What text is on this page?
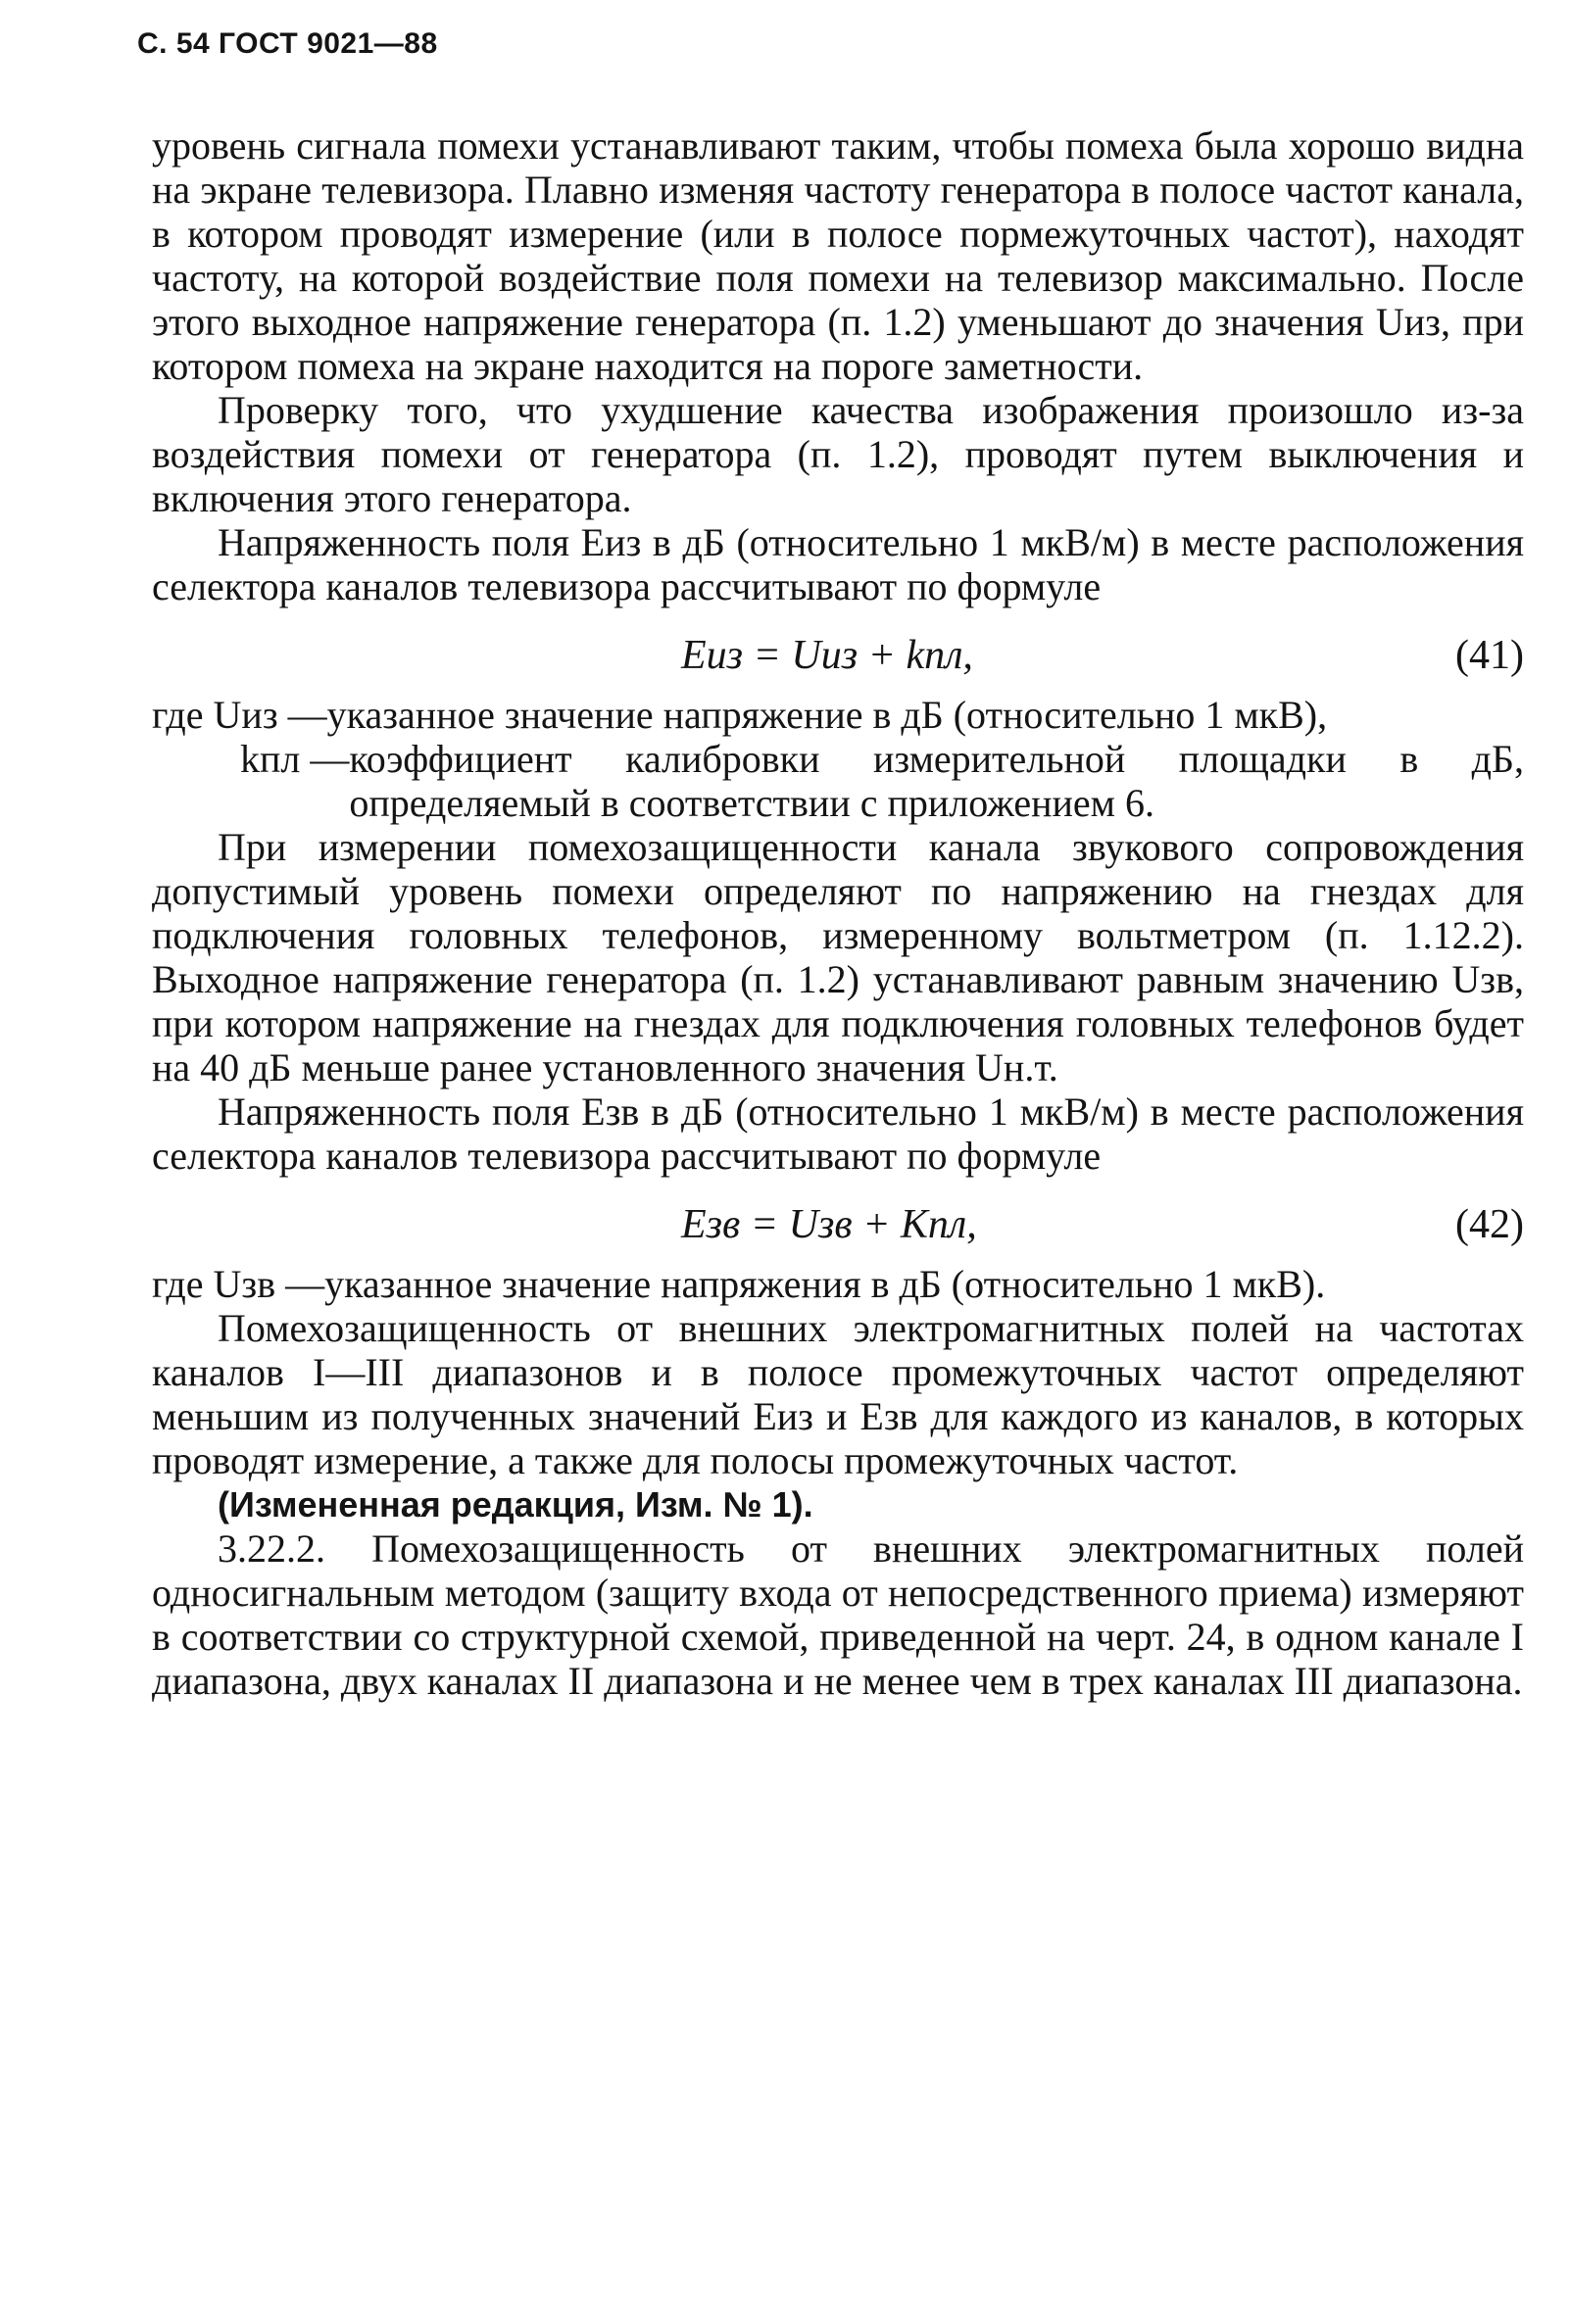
С. 54 ГОСТ 9021—88

уровень сигнала помехи устанавливают таким, чтобы помеха была хорошо видна на экране телевизора. Плавно изменяя частоту генератора в полосе частот канала, в котором проводят измерение (или в полосе пормежуточных частот), находят частоту, на которой воздействие поля помехи на телевизор максимально. После этого выходное напряжение генератора (п. 1.2) уменьшают до значения Uиз, при котором помеха на экране находится на пороге заметности.

Проверку того, что ухудшение качества изображения произошло из-за воздействия помехи от генератора (п. 1.2), проводят путем выключения и включения этого генератора.

Напряженность поля Eиз в дБ (относительно 1 мкВ/м) в месте расположения селектора каналов телевизора рассчитывают по формуле

Eиз = Uиз + kпл,	(41)
где Uиз — указанное значение напряжение в дБ (относительно 1 мкВ),
kпл — коэффициент калибровки измерительной площадки в дБ, определяемый в соответствии с приложением 6.

При измерении помехозащищенности канала звукового сопровождения допустимый уровень помехи определяют по напряжению на гнездах для подключения головных телефонов, измеренному вольтметром (п. 1.12.2). Выходное напряжение генератора (п. 1.2) устанавливают равным значению Uзв, при котором напряжение на гнездах для подключения головных телефонов будет на 40 дБ меньше ранее установленного значения Uн.т.

Напряженность поля Eзв в дБ (относительно 1 мкВ/м) в месте расположения селектора каналов телевизора рассчитывают по формуле

Eзв = Uзв + Kпл,	(42)
где Uзв — указанное значение напряжения в дБ (относительно 1 мкВ).

Помехозащищенность от внешних электромагнитных полей на частотах каналов I—III диапазонов и в полосе промежуточных частот определяют меньшим из полученных значений Eиз и Eзв для каждого из каналов, в которых проводят измерение, а также для полосы промежуточных частот.

(Измененная редакция, Изм. № 1).

3.22.2. Помехозащищенность от внешних электромагнитных полей односигнальным методом (защиту входа от непосредственного приема) измеряют в соответствии со структурной схемой, приведенной на черт. 24, в одном канале I диапазона, двух каналах II диапазона и не менее чем в трех каналах III диапазона.
